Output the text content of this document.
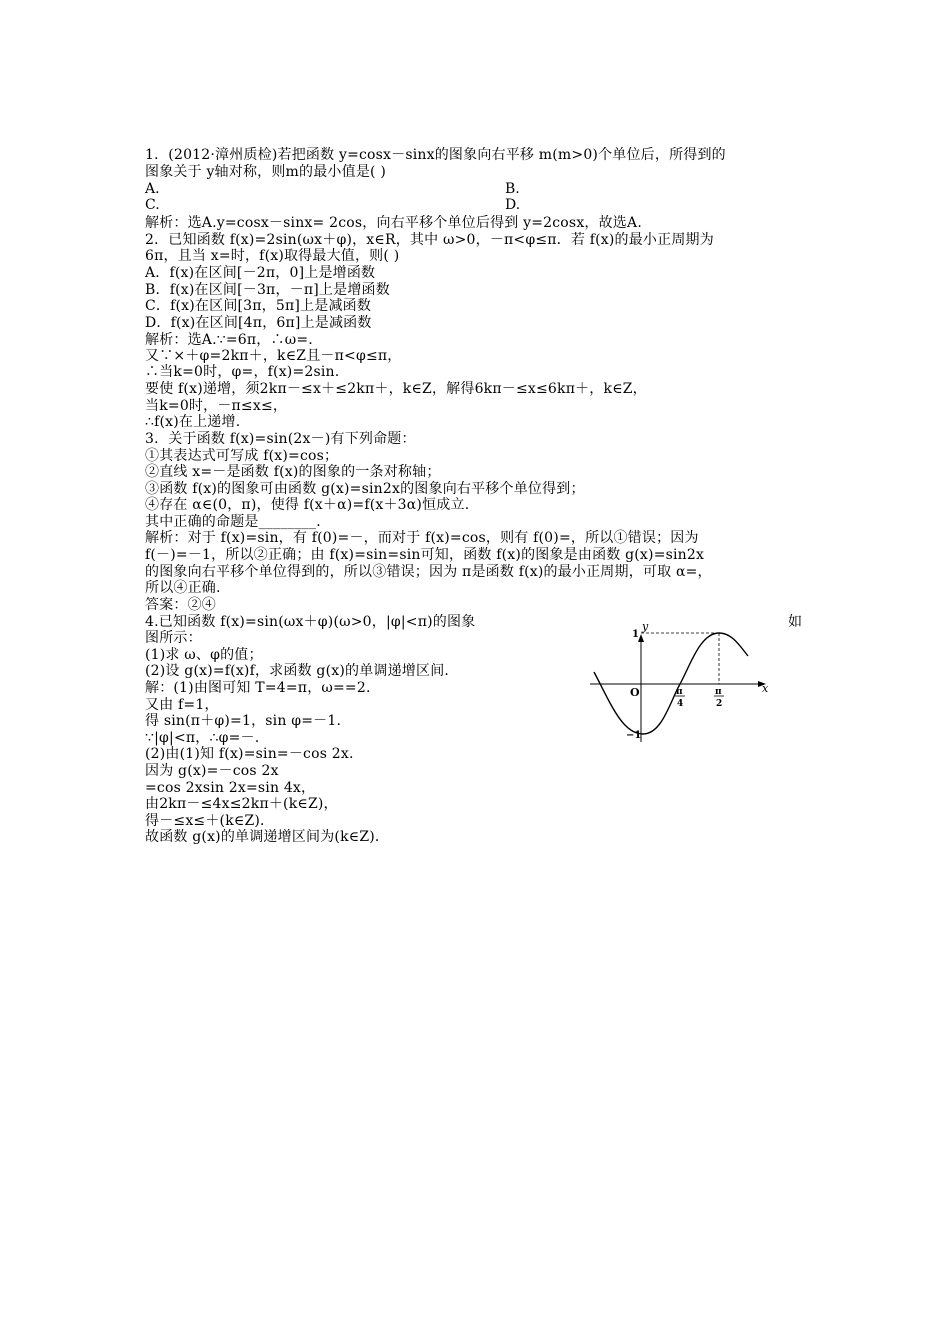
1．(2012·漳州质检)若把函数 y=cosx－sinx的图象向右平移 m(m>0)个单位后，所得到的
图象关于 y轴对称，则m的最小值是( )
A.	B.
C.	D.
解析：选A.y=cosx－sinx= 2cos，向右平移个单位后得到 y=2cosx，故选A.
2．已知函数 f(x)=2sin(ωx＋φ)，x∈R，其中 ω>0，－π<φ≤π．若 f(x)的最小正周期为
6π，且当 x=时，f(x)取得最大值，则( )
A．f(x)在区间[－2π，0]上是增函数
B．f(x)在区间[－3π，－π]上是增函数
C．f(x)在区间[3π，5π]上是减函数
D．f(x)在区间[4π，6π]上是减函数
解析：选A.∵=6π，∴ω=.
又∵×＋φ=2kπ＋，k∈Z且－π<φ≤π，
∴当k=0时，φ=，f(x)=2sin.
要使 f(x)递增，须2kπ－≤x＋≤2kπ＋，k∈Z，解得6kπ－≤x≤6kπ＋，k∈Z，
当k=0时，－π≤x≤，
∴f(x)在上递增.
3．关于函数 f(x)=sin(2x－)有下列命题：
①其表达式可写成 f(x)=cos；
②直线 x=－是函数 f(x)的图象的一条对称轴；
③函数 f(x)的图象可由函数 g(x)=sin2x的图象向右平移个单位得到；
④存在 α∈(0，π)，使得 f(x＋α)=f(x＋3α)恒成立.
其中正确的命题是________．
解析：对于 f(x)=sin，有 f(0)=－，而对于 f(x)=cos，则有 f(0)=，所以①错误；因为
f(－)=－1，所以②正确；由 f(x)=sin=sin可知，函数 f(x)的图象是由函数 g(x)=sin2x
的图象向右平移个单位得到的，所以③错误；因为 π是函数 f(x)的最小正周期，可取 α=，
所以④正确.
答案：②④
4.已知函数 f(x)=sin(ωx＋φ)(ω>0，|φ|<π)的图象	如
图所示：
(1)求 ω、φ的值；
(2)设 g(x)=f(x)f，求函数 g(x)的单调递增区间.
解：(1)由图可知 T=4=π，ω==2.
又由 f=1，
得 sin(π＋φ)=1，sin φ=－1.
∵|φ|<π，∴φ=－.
(2)由(1)知 f(x)=sin=－cos 2x.
因为 g(x)=－cos 2x
=cos 2xsin 2x=sin 4x，
由2kπ－≤4x≤2kπ＋(k∈Z)，
得－≤x≤＋(k∈Z)．
故函数 g(x)的单调递增区间为(k∈Z)．
y
x
O
1
−1
π
4
π
2
